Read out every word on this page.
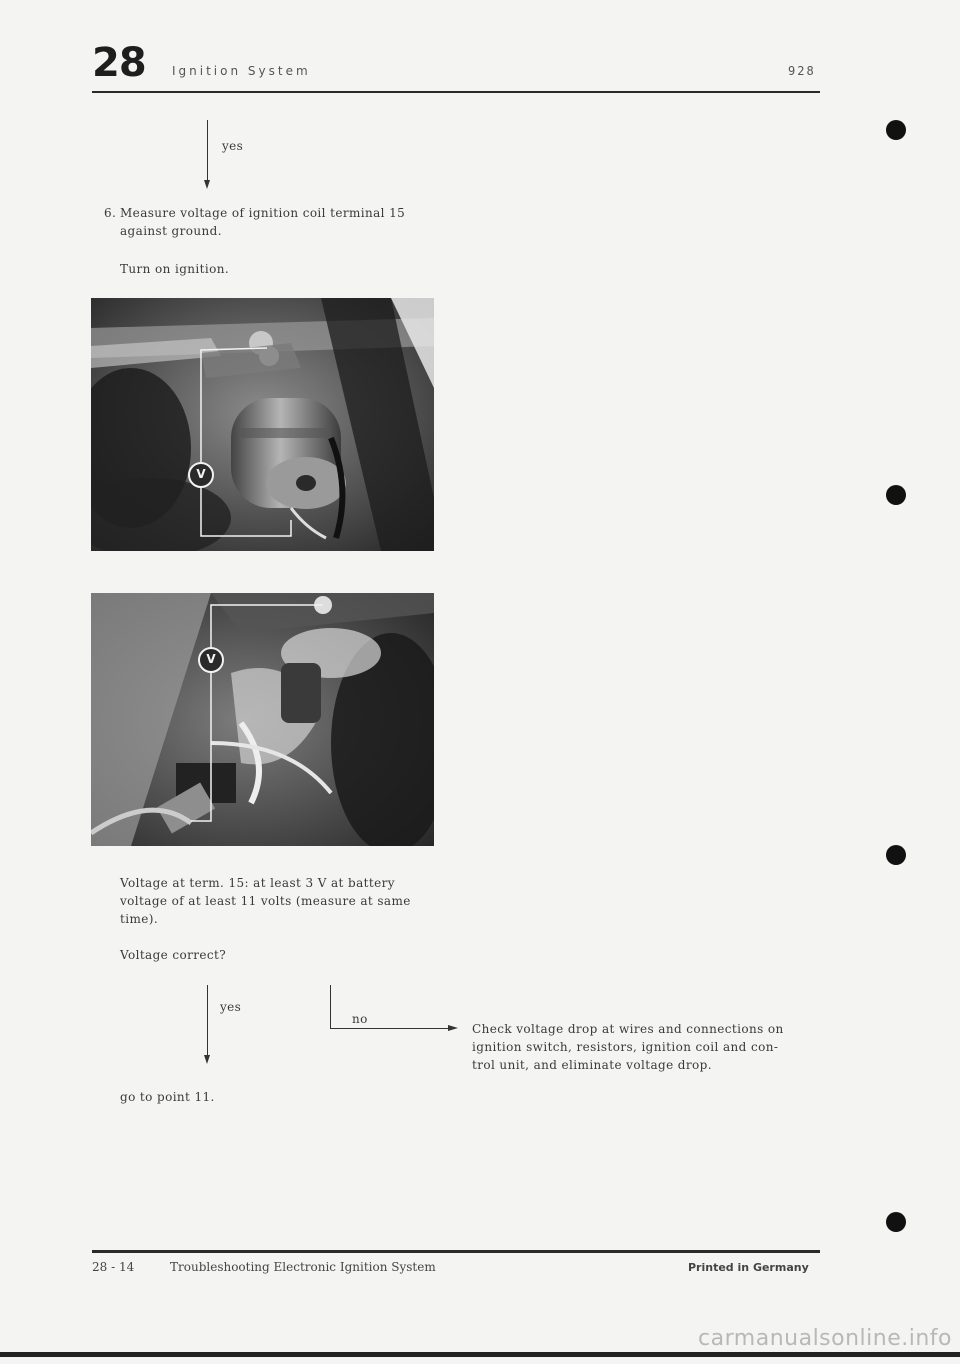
28 Ignition System	928
yes
6. Measure voltage of ignition coil terminal 15
against ground.
Turn on ignition.
V
V
Voltage at term. 15: at least 3 V at battery
voltage of at least 11 volts (measure at same
time).
Voltage correct?
yes
go to point 11.
no
Check voltage drop at wires and connections on
ignition switch, resistors, ignition coil and con-
trol unit, and eliminate voltage drop.
28 - 14	Troubleshooting Electronic Ignition System	Printed in Germany
carmanualsonline.info
